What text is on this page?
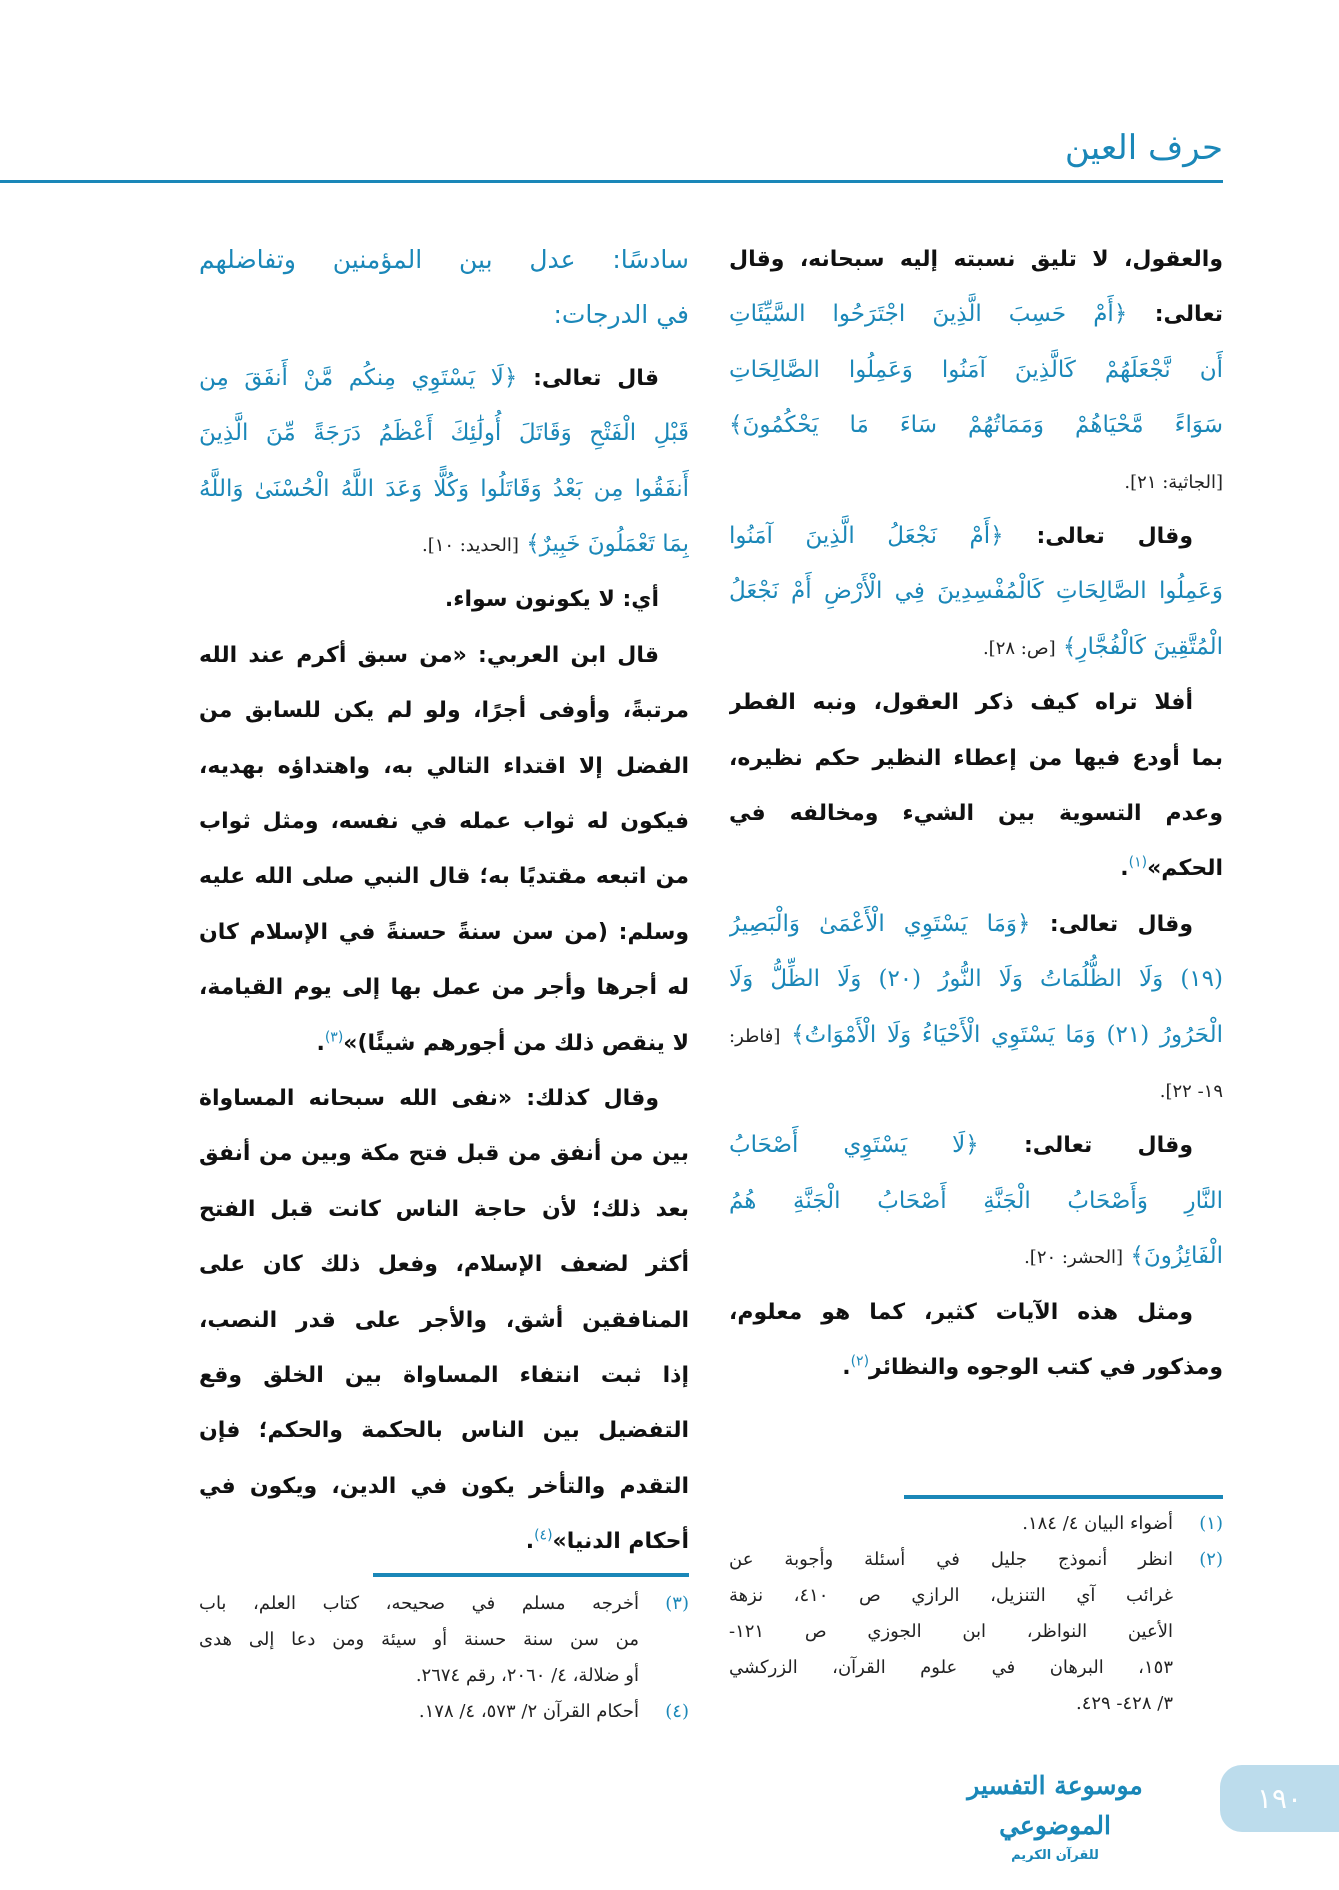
حرف العين
والعقول، لا تليق نسبته إليه سبحانه، وقال
تعالى: ﴿أَمْ حَسِبَ الَّذِينَ اجْتَرَحُوا السَّيِّئَاتِ
أَن نَّجْعَلَهُمْ كَالَّذِينَ آمَنُوا وَعَمِلُوا الصَّالِحَاتِ
سَوَاءً مَّحْيَاهُمْ وَمَمَاتُهُمْ سَاءَ مَا يَحْكُمُونَ﴾
[الجاثية: ٢١].
وقال تعالى: ﴿أَمْ نَجْعَلُ الَّذِينَ آمَنُوا
وَعَمِلُوا الصَّالِحَاتِ كَالْمُفْسِدِينَ فِي الْأَرْضِ أَمْ نَجْعَلُ
الْمُتَّقِينَ كَالْفُجَّارِ﴾ [ص: ٢٨].
أفلا تراه كيف ذكر العقول، ونبه الفطر
بما أودع فيها من إعطاء النظير حكم نظيره،
وعدم التسوية بين الشيء ومخالفه في
الحكم»$^{(١)}$.
وقال تعالى: ﴿وَمَا يَسْتَوِي الْأَعْمَىٰ وَالْبَصِيرُ
(١٩) وَلَا الظُّلُمَاتُ وَلَا النُّورُ (٢٠) وَلَا الظِّلُّ وَلَا
الْحَرُورُ (٢١) وَمَا يَسْتَوِي الْأَحْيَاءُ وَلَا الْأَمْوَاتُ﴾ [فاطر:
١٩- ٢٢].
وقال تعالى: ﴿لَا يَسْتَوِي أَصْحَابُ
النَّارِ وَأَصْحَابُ الْجَنَّةِ أَصْحَابُ الْجَنَّةِ هُمُ
الْفَائِزُونَ﴾ [الحشر: ٢٠].
ومثل هذه الآيات كثير، كما هو معلوم،
ومذكور في كتب الوجوه والنظائر$^{(٢)}$.
سادسًا: عدل بين المؤمنين وتفاضلهم
في الدرجات:
قال تعالى: ﴿لَا يَسْتَوِي مِنكُم مَّنْ أَنفَقَ مِن
قَبْلِ الْفَتْحِ وَقَاتَلَ أُولَٰئِكَ أَعْظَمُ دَرَجَةً مِّنَ الَّذِينَ
أَنفَقُوا مِن بَعْدُ وَقَاتَلُوا وَكُلًّا وَعَدَ اللَّهُ الْحُسْنَىٰ وَاللَّهُ
بِمَا تَعْمَلُونَ خَبِيرٌ﴾ [الحديد: ١٠].
أي: لا يكونون سواء.
قال ابن العربي: «من سبق أكرم عند الله
مرتبةً، وأوفى أجرًا، ولو لم يكن للسابق من
الفضل إلا اقتداء التالي به، واهتداؤه بهديه،
فيكون له ثواب عمله في نفسه، ومثل ثواب
من اتبعه مقتديًا به؛ قال النبي صلى الله عليه
وسلم: (من سن سنةً حسنةً في الإسلام كان
له أجرها وأجر من عمل بها إلى يوم القيامة،
لا ينقص ذلك من أجورهم شيئًا)»$^{(٣)}$.
وقال كذلك: «نفى الله سبحانه المساواة
بين من أنفق من قبل فتح مكة وبين من أنفق
بعد ذلك؛ لأن حاجة الناس كانت قبل الفتح
أكثر لضعف الإسلام، وفعل ذلك كان على
المنافقين أشق، والأجر على قدر النصب،
إذا ثبت انتفاء المساواة بين الخلق وقع
التفضيل بين الناس بالحكمة والحكم؛ فإن
التقدم والتأخر يكون في الدين، ويكون في
أحكام الدنيا»$^{(٤)}$.
(١)
أضواء البيان ٤/ ١٨٤.
(٢)
انظر أنموذج جليل في أسئلة وأجوبة عن
غرائب آي التنزيل، الرازي ص ٤١٠، نزهة
الأعين النواظر، ابن الجوزي ص ١٢١-
١٥٣، البرهان في علوم القرآن، الزركشي
٣/ ٤٢٨- ٤٢٩.
(٣)
أخرجه مسلم في صحيحه، كتاب العلم، باب
من سن سنة حسنة أو سيئة ومن دعا إلى هدى
أو ضلالة، ٤/ ٢٠٦٠، رقم ٢٦٧٤.
(٤)
أحكام القرآن ٢/ ٥٧٣، ٤/ ١٧٨.
موسوعة التفسير الموضوعي
للقرآن الكريم
١٩٠
